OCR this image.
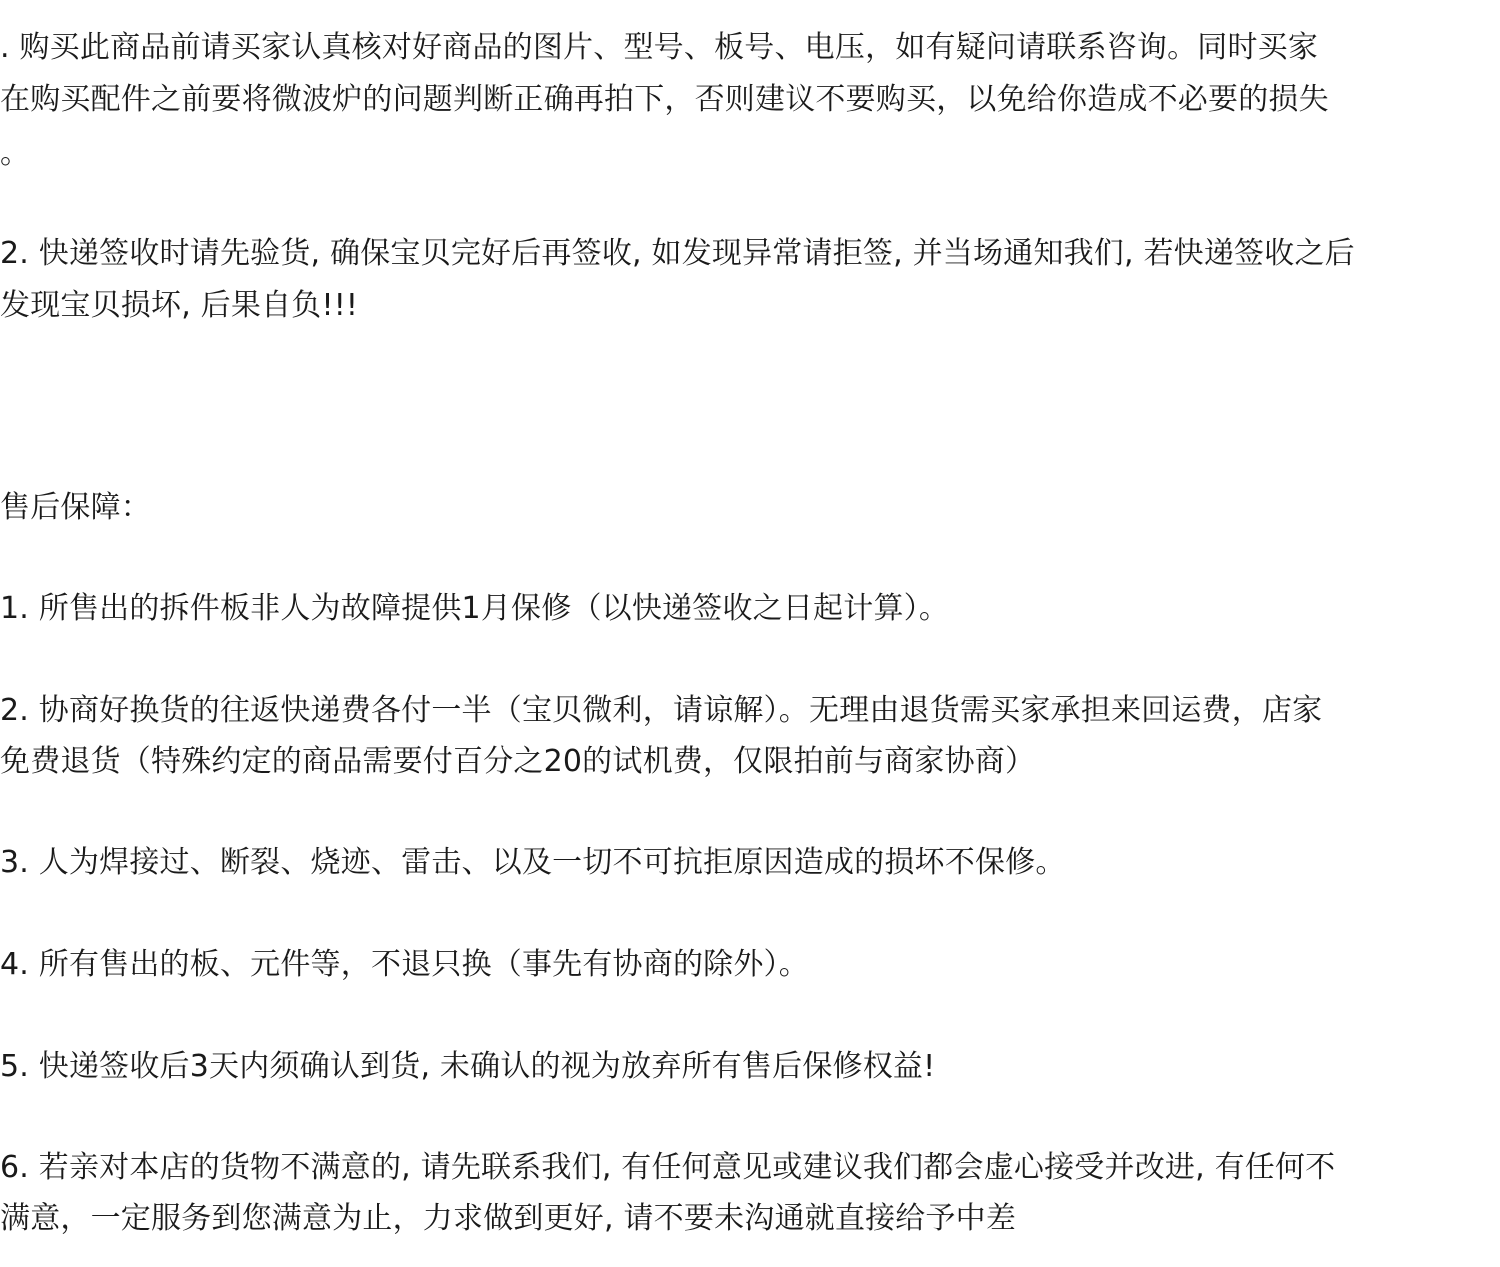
. 购买此商品前请买家认真核对好商品的图片、型号、板号、电压，如有疑问请联系咨询。同时买家
在购买配件之前要将微波炉的问题判断正确再拍下，否则建议不要购买，以免给你造成不必要的损失
。
2. 快递签收时请先验货, 确保宝贝完好后再签收, 如发现异常请拒签, 并当场通知我们, 若快递签收之后
发现宝贝损坏, 后果自负!!!
售后保障：
1. 所售出的拆件板非人为故障提供1月保修（以快递签收之日起计算）。
2. 协商好换货的往返快递费各付一半（宝贝微利，请谅解）。无理由退货需买家承担来回运费，店家
免费退货（特殊约定的商品需要付百分之20的试机费，仅限拍前与商家协商）
3. 人为焊接过、断裂、烧迹、雷击、以及一切不可抗拒原因造成的损坏不保修。
4. 所有售出的板、元件等，不退只换（事先有协商的除外）。
5. 快递签收后3天内须确认到货, 未确认的视为放弃所有售后保修权益!
6. 若亲对本店的货物不满意的, 请先联系我们, 有任何意见或建议我们都会虚心接受并改进, 有任何不
满意，一定服务到您满意为止，力求做到更好, 请不要未沟通就直接给予中差
